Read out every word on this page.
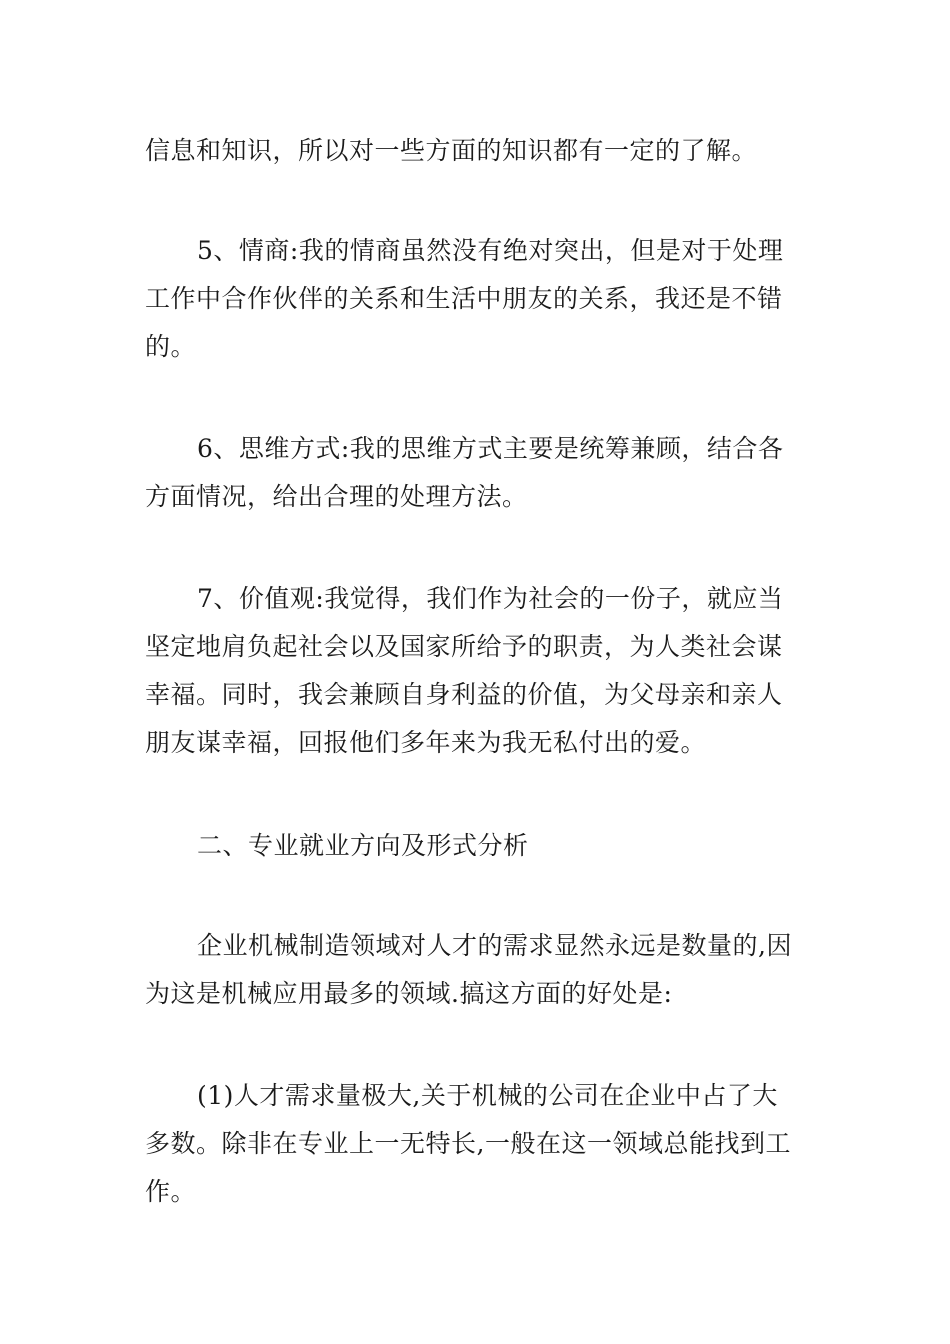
信息和知识，所以对一些方面的知识都有一定的了解。

5、情商:我的情商虽然没有绝对突出，但是对于处理
工作中合作伙伴的关系和生活中朋友的关系，我还是不错
的。

6、思维方式:我的思维方式主要是统筹兼顾，结合各
方面情况，给出合理的处理方法。

7、价值观:我觉得，我们作为社会的一份子，就应当
坚定地肩负起社会以及国家所给予的职责，为人类社会谋
幸福。同时，我会兼顾自身利益的价值，为父母亲和亲人
朋友谋幸福，回报他们多年来为我无私付出的爱。

二、专业就业方向及形式分析

企业机械制造领域对人才的需求显然永远是数量的,因
为这是机械应用最多的领域.搞这方面的好处是:

(1)人才需求量极大,关于机械的公司在企业中占了大
多数。除非在专业上一无特长,一般在这一领域总能找到工
作。
